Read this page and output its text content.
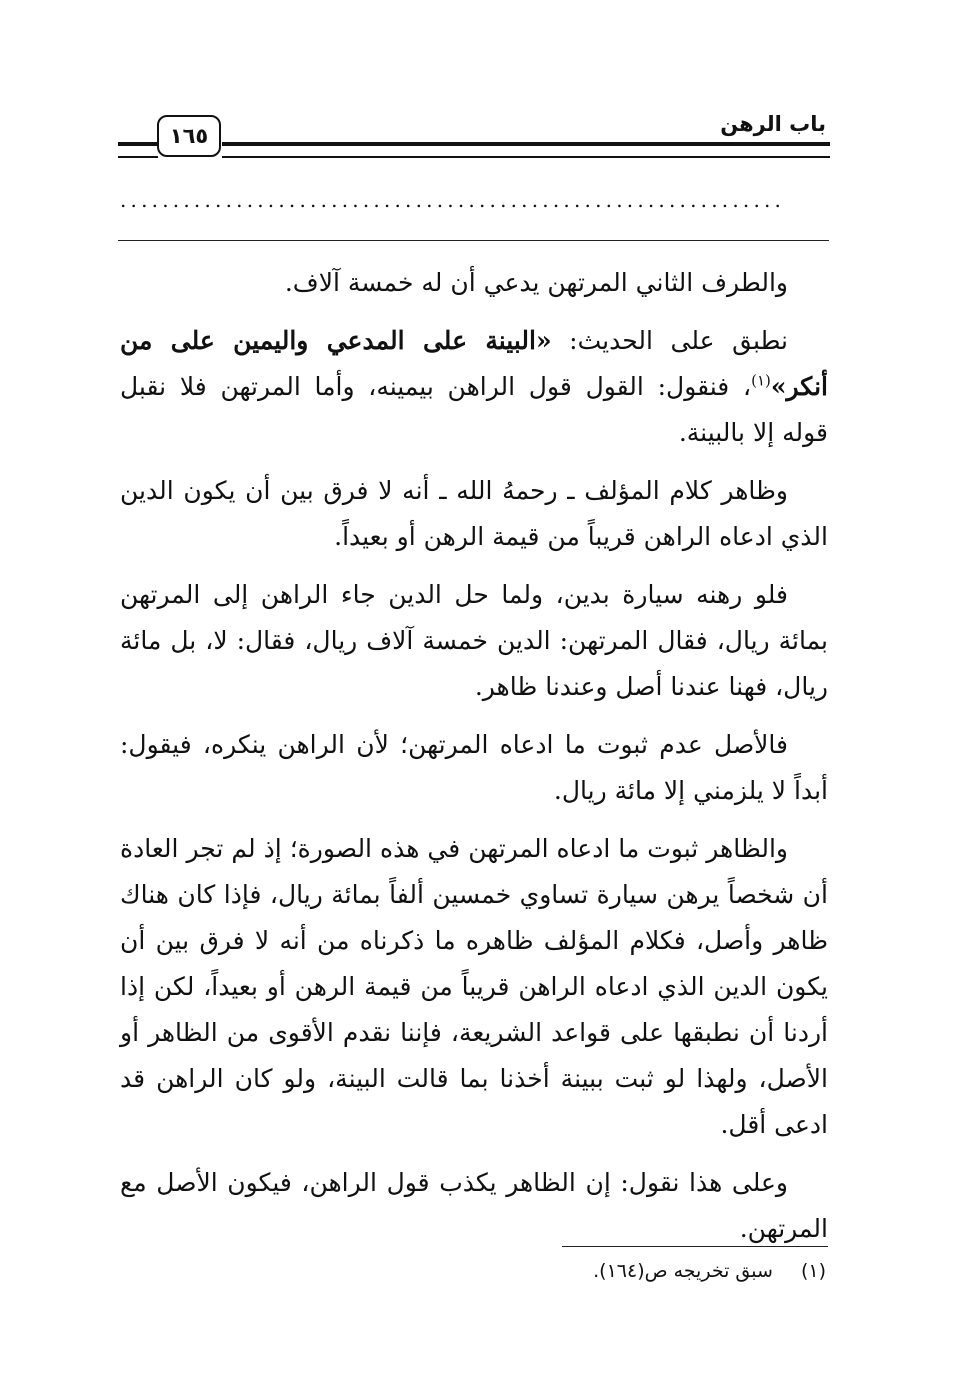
باب الرهن
١٦٥
...............................................................

والطرف الثاني المرتهن يدعي أن له خمسة آلاف.

نطبق على الحديث: «البينة على المدعي واليمين على من أنكر»$^{(١)}$، فنقول: القول قول الراهن بيمينه، وأما المرتهن فلا نقبل قوله إلا بالبينة.

وظاهر كلام المؤلف ـ رحمهُ الله ـ أنه لا فرق بين أن يكون الدين الذي ادعاه الراهن قريباً من قيمة الرهن أو بعيداً.

فلو رهنه سيارة بدين، ولما حل الدين جاء الراهن إلى المرتهن بمائة ريال، فقال المرتهن: الدين خمسة آلاف ريال، فقال: لا، بل مائة ريال، فهنا عندنا أصل وعندنا ظاهر.

فالأصل عدم ثبوت ما ادعاه المرتهن؛ لأن الراهن ينكره، فيقول: أبداً لا يلزمني إلا مائة ريال.

والظاهر ثبوت ما ادعاه المرتهن في هذه الصورة؛ إذ لم تجر العادة أن شخصاً يرهن سيارة تساوي خمسين ألفاً بمائة ريال، فإذا كان هناك ظاهر وأصل، فكلام المؤلف ظاهره ما ذكرناه من أنه لا فرق بين أن يكون الدين الذي ادعاه الراهن قريباً من قيمة الرهن أو بعيداً، لكن إذا أردنا أن نطبقها على قواعد الشريعة، فإننا نقدم الأقوى من الظاهر أو الأصل، ولهذا لو ثبت ببينة أخذنا بما قالت البينة، ولو كان الراهن قد ادعى أقل.

وعلى هذا نقول: إن الظاهر يكذب قول الراهن، فيكون الأصل مع المرتهن.

(١)سبق تخريجه ص(١٦٤).
